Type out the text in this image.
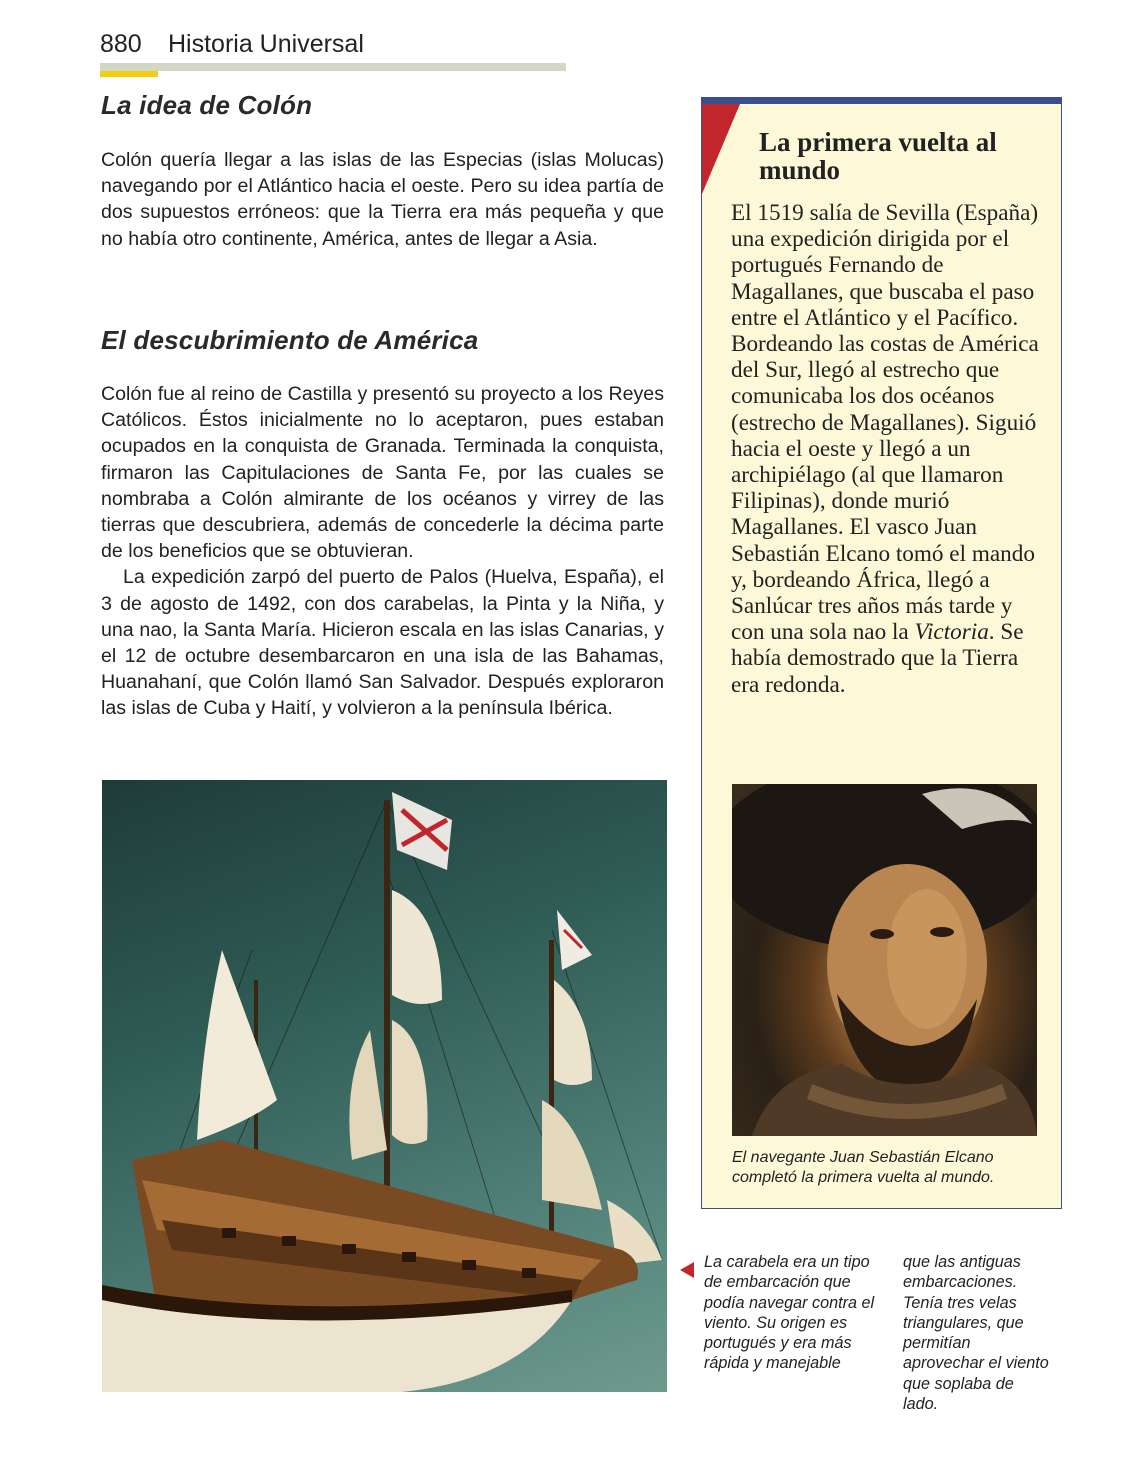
880 Historia Universal
La idea de Colón

Colón quería llegar a las islas de las Especias (islas Molucas) navegando por el Atlántico hacia el oeste. Pero su idea partía de dos supuestos erróneos: que la Tierra era más pequeña y que no había otro continente, América, antes de llegar a Asia.

El descubrimiento de América

Colón fue al reino de Castilla y presentó su proyecto a los Reyes Católicos. Éstos inicialmente no lo aceptaron, pues estaban ocupados en la conquista de Granada. Terminada la conquista, firmaron las Capitulaciones de Santa Fe, por las cuales se nombraba a Colón almirante de los océanos y virrey de las tierras que descubriera, además de concederle la décima parte de los beneficios que se obtuvieran.

La expedición zarpó del puerto de Palos (Huelva, España), el 3 de agosto de 1492, con dos carabelas, la Pinta y la Niña, y una nao, la Santa María. Hicieron escala en las islas Canarias, y el 12 de octubre desembarcaron en una isla de las Bahamas, Huanahaní, que Colón llamó San Salvador. Después exploraron las islas de Cuba y Haití, y volvieron a la península Ibérica.

La primera vuelta al mundo
El 1519 salía de Sevilla (España) una expedición dirigida por el portugués Fernando de Magallanes, que buscaba el paso entre el Atlántico y el Pacífico. Bordeando las costas de América del Sur, llegó al estrecho que comunicaba los dos océanos (estrecho de Magallanes). Siguió hacia el oeste y llegó a un archipiélago (al que llamaron Filipinas), donde murió Magallanes. El vasco Juan Sebastián Elcano tomó el mando y, bordeando África, llegó a Sanlúcar tres años más tarde y con una sola nao la Victoria. Se había demostrado que la Tierra era redonda.
El navegante Juan Sebastián Elcano completó la primera vuelta al mundo.
La carabela era un tipo de embarcación que podía navegar contra el viento. Su origen es portugués y era más rápida y manejable
que las antiguas embarcaciones. Tenía tres velas triangulares, que permitían aprovechar el viento que soplaba de lado.
